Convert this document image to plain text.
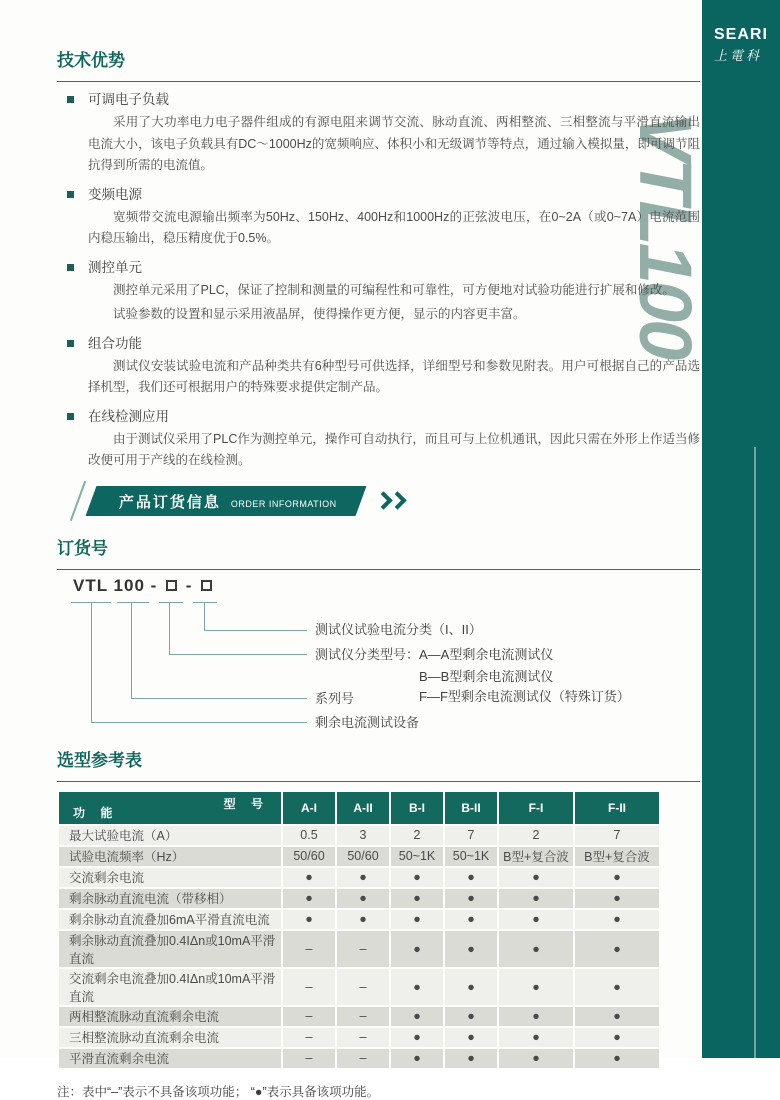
SEARI
上電科
VTL100
技术优势
可调电子负载

采用了大功率电力电子器件组成的有源电阻来调节交流、脉动直流、两相整流、三相整流与平滑直流输出电流大小，该电子负载具有DC～1000Hz的宽频响应、体积小和无级调节等特点，通过输入模拟量，即可调节阻抗得到所需的电流值。

变频电源

宽频带交流电源输出频率为50Hz、150Hz、400Hz和1000Hz的正弦波电压，在0~2A（或0~7A）电流范围内稳压输出，稳压精度优于0.5%。

测控单元

测控单元采用了PLC，保证了控制和测量的可编程性和可靠性，可方便地对试验功能进行扩展和修改。

试验参数的设置和显示采用液晶屏，使得操作更方便，显示的内容更丰富。

组合功能

测试仪安装试验电流和产品种类共有6种型号可供选择，详细型号和参数见附表。用户可根据自己的产品选择机型，我们还可根据用户的特殊要求提供定制产品。

在线检测应用

由于测试仪采用了PLC作为测控单元，操作可自动执行，而且可与上位机通讯，因此只需在外形上作适当修改便可用于产线的在线检测。

产品订货信息 ORDER INFORMATION
订货号
VTL 100 - -
测试仪试验电流分类（I、II）
测试仪分类型号： A—A型剩余电流测试仪
B—B型剩余电流测试仪
F—F型剩余电流测试仪（特殊订货）
系列号
剩余电流测试设备
选型参考表
型 号
功 能	A-I	A-II	B-I	B-II	F-I	F-II
最大试验电流（A）	0.5	3	2	7	2	7
试验电流频率（Hz）	50/60	50/60	50~1K	50~1K	B型+复合波	B型+复合波
交流剩余电流	●	●	●	●	●	●
剩余脉动直流电流（带移相）	●	●	●	●	●	●
剩余脉动直流叠加6mA平滑直流电流	●	●	●	●	●	●
剩余脉动直流叠加0.4IΔn或10mA平滑直流	–	–	●	●	●	●
交流剩余电流叠加0.4IΔn或10mA平滑直流	–	–	●	●	●	●
两相整流脉动直流剩余电流	–	–	●	●	●	●
三相整流脉动直流剩余电流	–	–	●	●	●	●
平滑直流剩余电流	–	–	●	●	●	●

注：表中“–”表示不具备该项功能； “●”表示具备该项功能。
